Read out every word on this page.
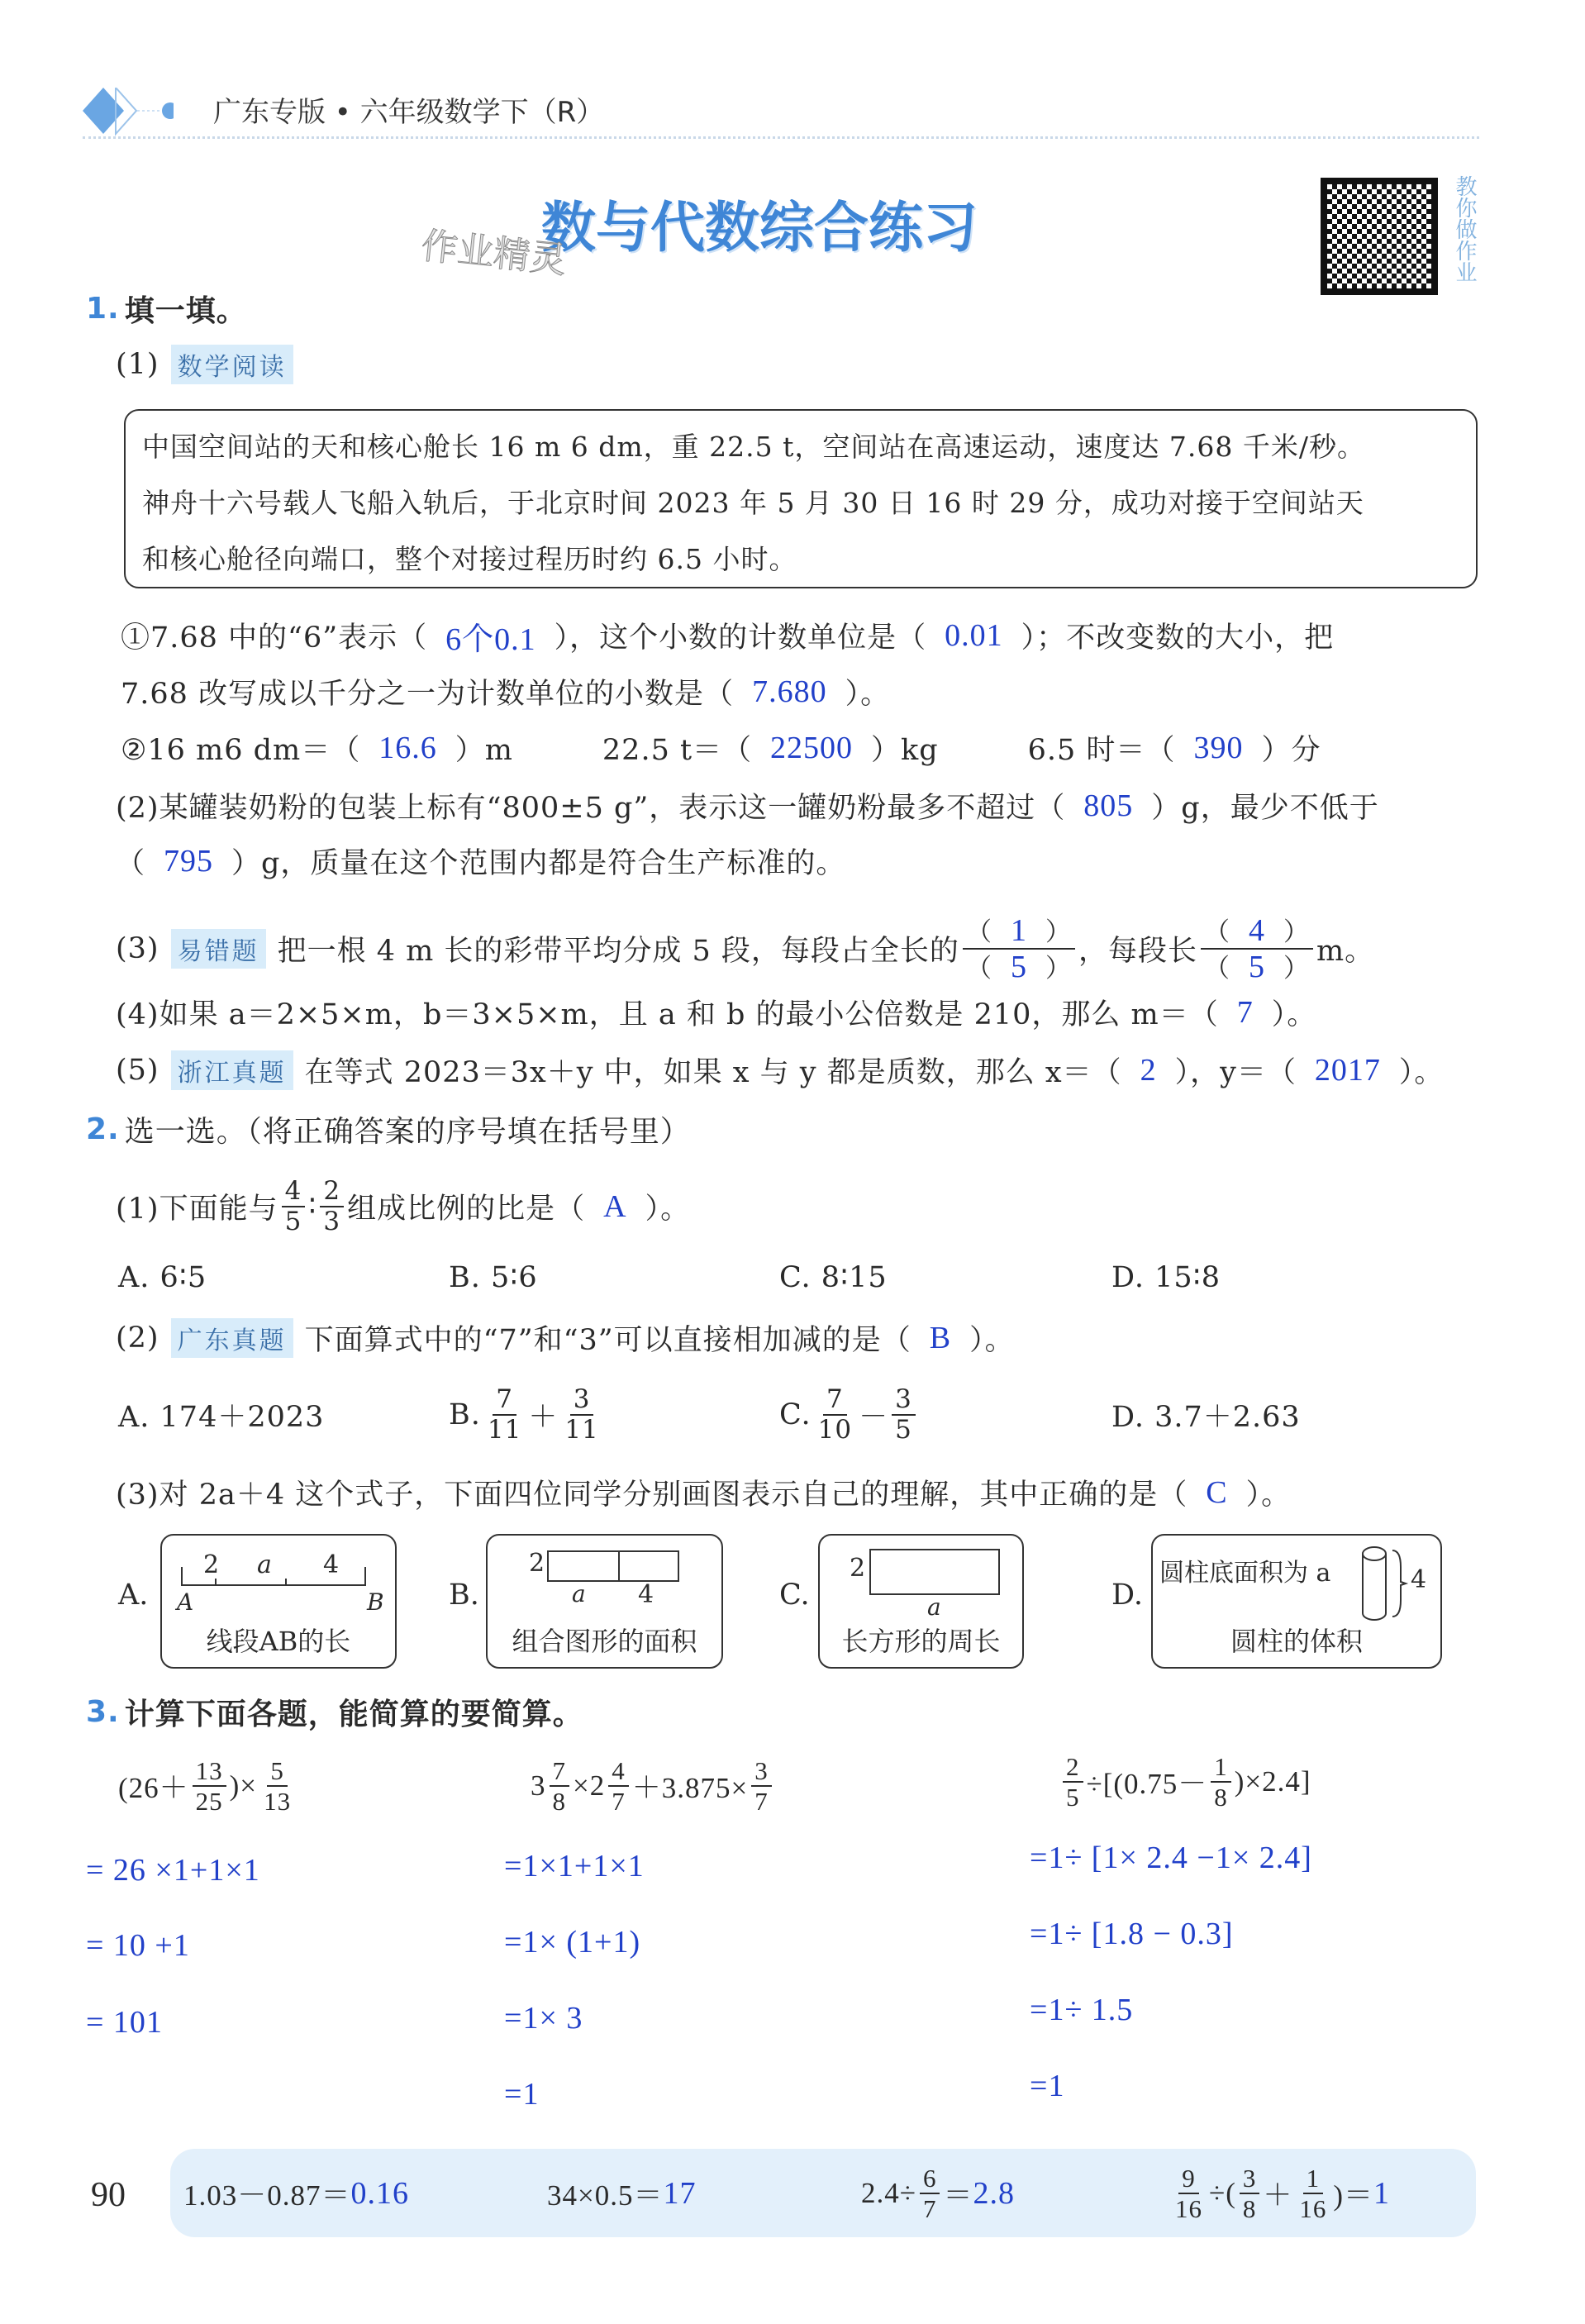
广东专版 • 六年级数学下（R）
数与代数综合练习
作业精灵	教你做作业
1. 填一填。
(1) 数学阅读
中国空间站的天和核心舱长 16 m 6 dm，重 22.5 t，空间站在高速运动，速度达 7.68 千米/秒。
神舟十六号载人飞船入轨后，于北京时间 2023 年 5 月 30 日 16 时 29 分，成功对接于空间站天
和核心舱径向端口，整个对接过程历时约 6.5 小时。
①7.68 中的“6”表示（ 6个0.1 ），这个小数的计数单位是（ 0.01 ）；不改变数的大小，把
7.68 改写成以千分之一为计数单位的小数是（ 7.680 ）。
②16 m6 dm＝（ 16.6 ）m　　　22.5 t＝（ 22500 ）kg　　　6.5 时＝（ 390 ）分
(2)某罐装奶粉的包装上标有“800±5 g”，表示这一罐奶粉最多不超过（ 805 ）g，最少不低于
（ 795 ）g，质量在这个范围内都是符合生产标准的。
(3) 易错题 把一根 4 m 长的彩带平均分成 5 段，每段占全长的 $\frac{( 1 )}{( 5 )}$ ，每段长 $\frac{( 4 )}{( 5 )}$ m。
(4)如果 a＝2×5×m，b＝3×5×m，且 a 和 b 的最小公倍数是 210，那么 m＝（ 7 ）。
(5) 浙江真题 在等式 2023＝3x＋y 中，如果 x 与 y 都是质数，那么 x＝（ 2 ），y＝（ 2017 ）。
2. 选一选。（将正确答案的序号填在括号里）
(1)下面能与 $\frac{4}{5}$ ∶ $\frac{2}{3}$ 组成比例的比是（ A ）。
A. 6∶5	B. 5∶6	C. 8∶15	D. 15∶8
(2) 广东真题 下面算式中的“7”和“3”可以直接相加减的是（ B ）。
A. 174＋2023	B. $\frac{7}{11} + \frac{3}{11}$	C. $\frac{7}{10} - \frac{3}{5}$	D. 3.7＋2.63
(3)对 2a＋4 这个式子，下面四位同学分别画图表示自己的理解，其中正确的是（ C ）。
A.
2 a 4
A	B
线段AB的长
B.
2
a 4
组合图形的面积
C.
2
a
长方形的周长
D.
圆柱底面积为 a	4
圆柱的体积
3. 计算下面各题，能简算的要简算。
($26+ \frac{13}{25}$ )× $\frac{5}{13}$
= 26 × 1 + 1 × 1
= 10 + 1
= 10 1
$3 \frac{7}{8} \times 2 \frac{4}{7} +3.875\times \frac{3}{7}$
= 1 × 1 + 1 × 1
= 1 × ( 1 + 1 )
= 1 × 3
= 1
$\frac{2}{5} \div[(0.75- \frac{1}{8} )\times 2.4]$
= 1 ÷ [ 1 × 2.4 − 1 × 2.4]
= 1 ÷ [1.8 − 0.3]
= 1 ÷ 1.5
= 1
90 1.03－0.87＝ 0.16	34×0.5＝ 17	$2.4\div \frac{6}{7} = 2.8$	$\frac{9}{16}$ ÷( $\frac{3}{8} + \frac{1}{16}$ )＝ 1
